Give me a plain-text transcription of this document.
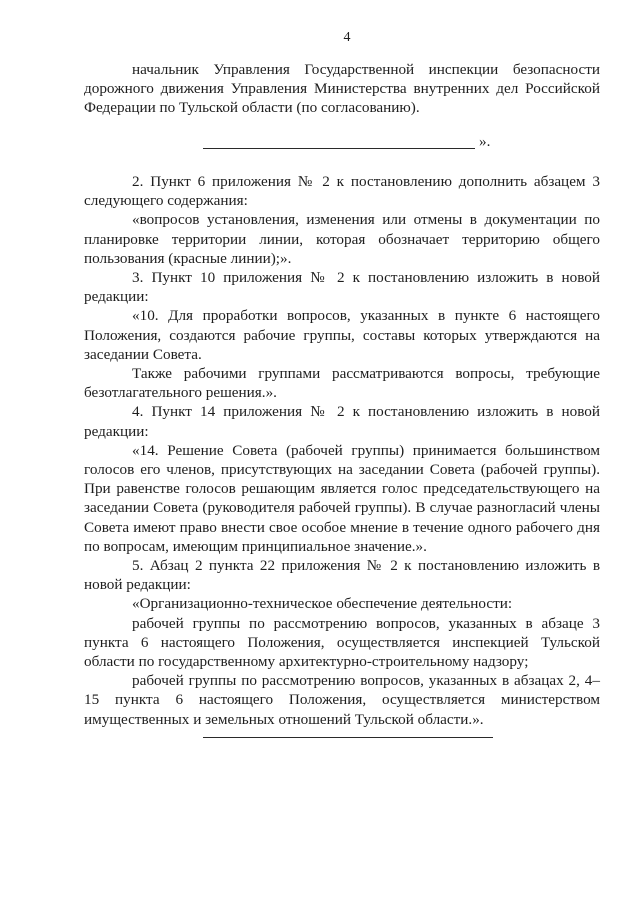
4

начальник Управления Государственной инспекции безопасности дорожного движения Управления Министерства внутренних дел Российской Федерации по Тульской области (по согласованию).

».

2. Пункт 6 приложения № 2 к постановлению дополнить абзацем 3 следующего содержания:

«вопросов установления, изменения или отмены в документации по планировке территории линии, которая обозначает территорию общего пользования (красные линии);».

3. Пункт 10 приложения № 2 к постановлению изложить в новой редакции:

«10. Для проработки вопросов, указанных в пункте 6 настоящего Положения, создаются рабочие группы, составы которых утверждаются на заседании Совета.

Также рабочими группами рассматриваются вопросы, требующие безотлагательного решения.».

4. Пункт 14 приложения № 2 к постановлению изложить в новой редакции:

«14. Решение Совета (рабочей группы) принимается большинством голосов его членов, присутствующих на заседании Совета (рабочей группы). При равенстве голосов решающим является голос председательствующего на заседании Совета (руководителя рабочей группы). В случае разногласий члены Совета имеют право внести свое особое мнение в течение одного рабочего дня по вопросам, имеющим принципиальное значение.».

5. Абзац 2 пункта 22 приложения № 2 к постановлению изложить в новой редакции:

«Организационно-техническое обеспечение деятельности:

рабочей группы по рассмотрению вопросов, указанных в абзаце 3 пункта 6 настоящего Положения, осуществляется инспекцией Тульской области по государственному архитектурно-строительному надзору;

рабочей группы по рассмотрению вопросов, указанных в абзацах 2, 4–15 пункта 6 настоящего Положения, осуществляется министерством имущественных и земельных отношений Тульской области.».
